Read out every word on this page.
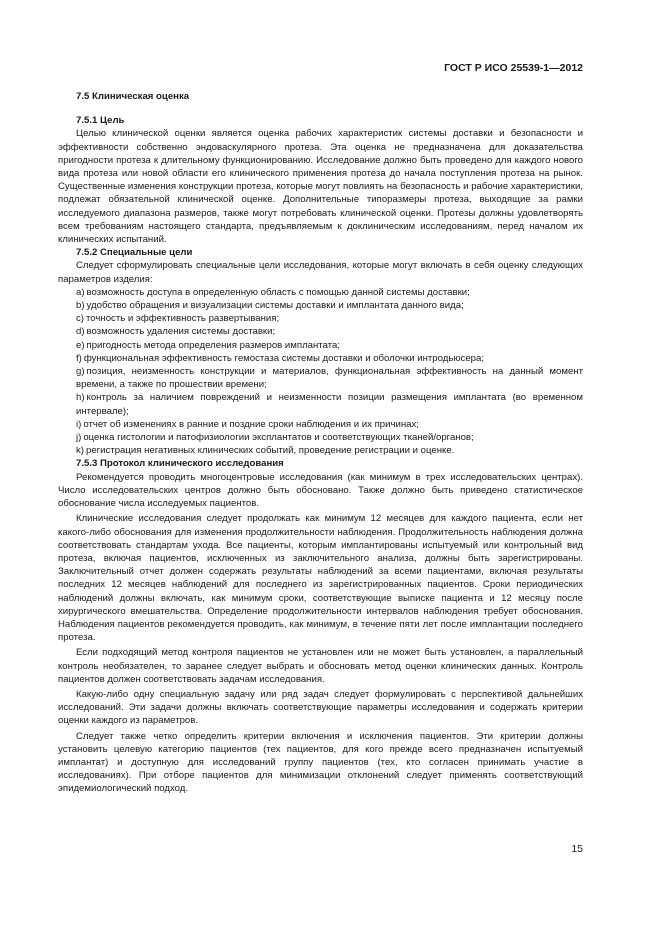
ГОСТ Р ИСО 25539-1—2012
7.5 Клиническая оценка
7.5.1 Цель

Целью клинической оценки является оценка рабочих характеристик системы доставки и безопасности и эффективности собственно эндоваскулярного протеза. Эта оценка не предназначена для доказательства пригодности протеза к длительному функционированию. Исследование должно быть проведено для каждого нового вида протеза или новой области его клинического применения протеза до начала поступления протеза на рынок. Существенные изменения конструкции протеза, которые могут повлиять на безопасность и рабочие характеристики, подлежат обязательной клинической оценке. Дополнительные типоразмеры протеза, выходящие за рамки исследуемого диапазона размеров, также могут потребовать клинической оценки. Протезы должны удовлетворять всем требованиям настоящего стандарта, предъявляемым к доклиническим исследованиям, перед началом их клинических испытаний.

7.5.2 Специальные цели

Следует сформулировать специальные цели исследования, которые могут включать в себя оценку следующих параметров изделия:

a) возможность доступа в определенную область с помощью данной системы доставки;
b) удобство обращения и визуализации системы доставки и имплантата данного вида;
c) точность и эффективность развертывания;
d) возможность удаления системы доставки;
e) пригодность метода определения размеров имплантата;
f) функциональная эффективность гемостаза системы доставки и оболочки интродьюсера;
g) позиция, неизменность конструкции и материалов, функциональная эффективность на данный момент времени, а также по прошествии времени;
h) контроль за наличием повреждений и неизменности позиции размещения имплантата (во временном интервале);
i) отчет об изменениях в ранние и поздние сроки наблюдения и их причинах;
j) оценка гистологии и патофизиологии эксплантатов и соответствующих тканей/органов;
k) регистрация негативных клинических событий, проведение регистрации и оценке.
7.5.3 Протокол клинического исследования

Рекомендуется проводить многоцентровые исследования (как минимум в трех исследовательских центрах). Число исследовательских центров должно быть обосновано. Также должно быть приведено статистическое обоснование числа исследуемых пациентов.

Клинические исследования следует продолжать как минимум 12 месяцев для каждого пациента, если нет какого-либо обоснования для изменения продолжительности наблюдения. Продолжительность наблюдения должна соответствовать стандартам ухода. Все пациенты, которым имплантированы испытуемый или контрольный вид протеза, включая пациентов, исключенных из заключительного анализа, должны быть зарегистрированы. Заключительный отчет должен содержать результаты наблюдений за всеми пациентами, включая результаты последних 12 месяцев наблюдений для последнего из зарегистрированных пациентов. Сроки периодических наблюдений должны включать, как минимум сроки, соответствующие выписке пациента и 12 месяцу после хирургического вмешательства. Определение продолжительности интервалов наблюдения требует обоснования. Наблюдения пациентов рекомендуется проводить, как минимум, в течение пяти лет после имплантации последнего протеза.

Если подходящий метод контроля пациентов не установлен или не может быть установлен, а параллельный контроль необязателен, то заранее следует выбрать и обосновать метод оценки клинических данных. Контроль пациентов должен соответствовать задачам исследования.

Какую-либо одну специальную задачу или ряд задач следует формулировать с перспективой дальнейших исследований. Эти задачи должны включать соответствующие параметры исследования и содержать критерии оценки каждого из параметров.

Следует также четко определить критерии включения и исключения пациентов. Эти критерии должны установить целевую категорию пациентов (тех пациентов, для кого прежде всего предназначен испытуемый имплантат) и доступную для исследований группу пациентов (тех, кто согласен принимать участие в исследованиях). При отборе пациентов для минимизации отклонений следует применять соответствующий эпидемиологический подход.

15
